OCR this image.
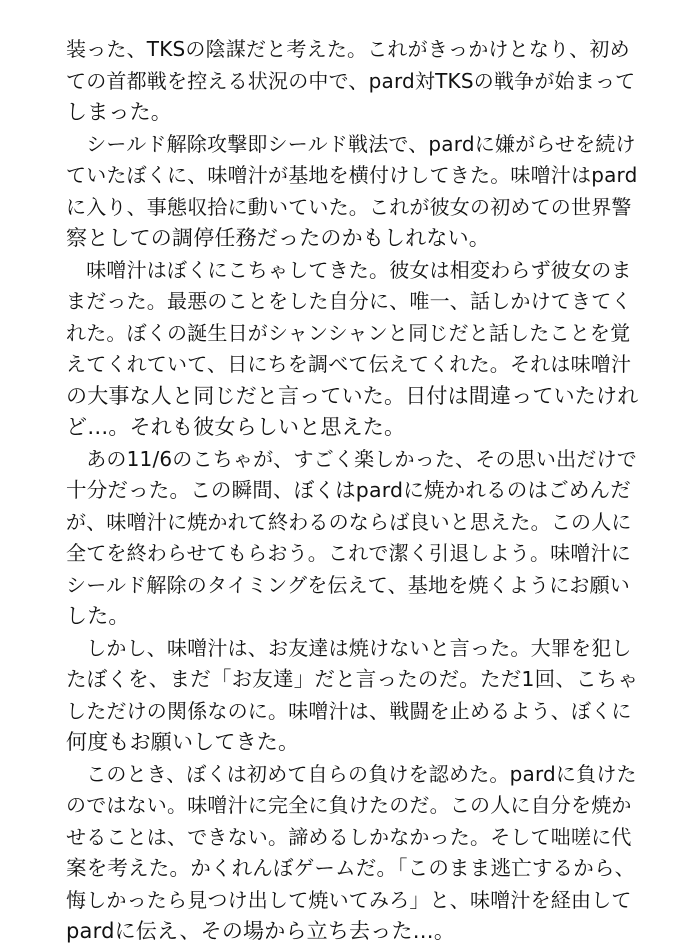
装った、TKSの陰謀だと考えた。これがきっかけとなり、初め
ての首都戦を控える状況の中で、pard対TKSの戦争が始まって
しまった。
　シールド解除攻撃即シールド戦法で、pardに嫌がらせを続け
ていたぼくに、味噌汁が基地を横付けしてきた。味噌汁はpard
に入り、事態収拾に動いていた。これが彼女の初めての世界警
察としての調停任務だったのかもしれない。
　味噌汁はぼくにこちゃしてきた。彼女は相変わらず彼女のま
まだった。最悪のことをした自分に、唯一、話しかけてきてく
れた。ぼくの誕生日がシャンシャンと同じだと話したことを覚
えてくれていて、日にちを調べて伝えてくれた。それは味噌汁
の大事な人と同じだと言っていた。日付は間違っていたけれ
ど…。それも彼女らしいと思えた。
　あの11/6のこちゃが、すごく楽しかった、その思い出だけで
十分だった。この瞬間、ぼくはpardに焼かれるのはごめんだ
が、味噌汁に焼かれて終わるのならば良いと思えた。この人に
全てを終わらせてもらおう。これで潔く引退しよう。味噌汁に
シールド解除のタイミングを伝えて、基地を焼くようにお願い
した。
　しかし、味噌汁は、お友達は焼けないと言った。大罪を犯し
たぼくを、まだ「お友達」だと言ったのだ。ただ1回、こちゃ
しただけの関係なのに。味噌汁は、戦闘を止めるよう、ぼくに
何度もお願いしてきた。
　このとき、ぼくは初めて自らの負けを認めた。pardに負けた
のではない。味噌汁に完全に負けたのだ。この人に自分を焼か
せることは、できない。諦めるしかなかった。そして咄嗟に代
案を考えた。かくれんぼゲームだ。「このまま逃亡するから、
悔しかったら見つけ出して焼いてみろ」と、味噌汁を経由して
pardに伝え、その場から立ち去った…。
